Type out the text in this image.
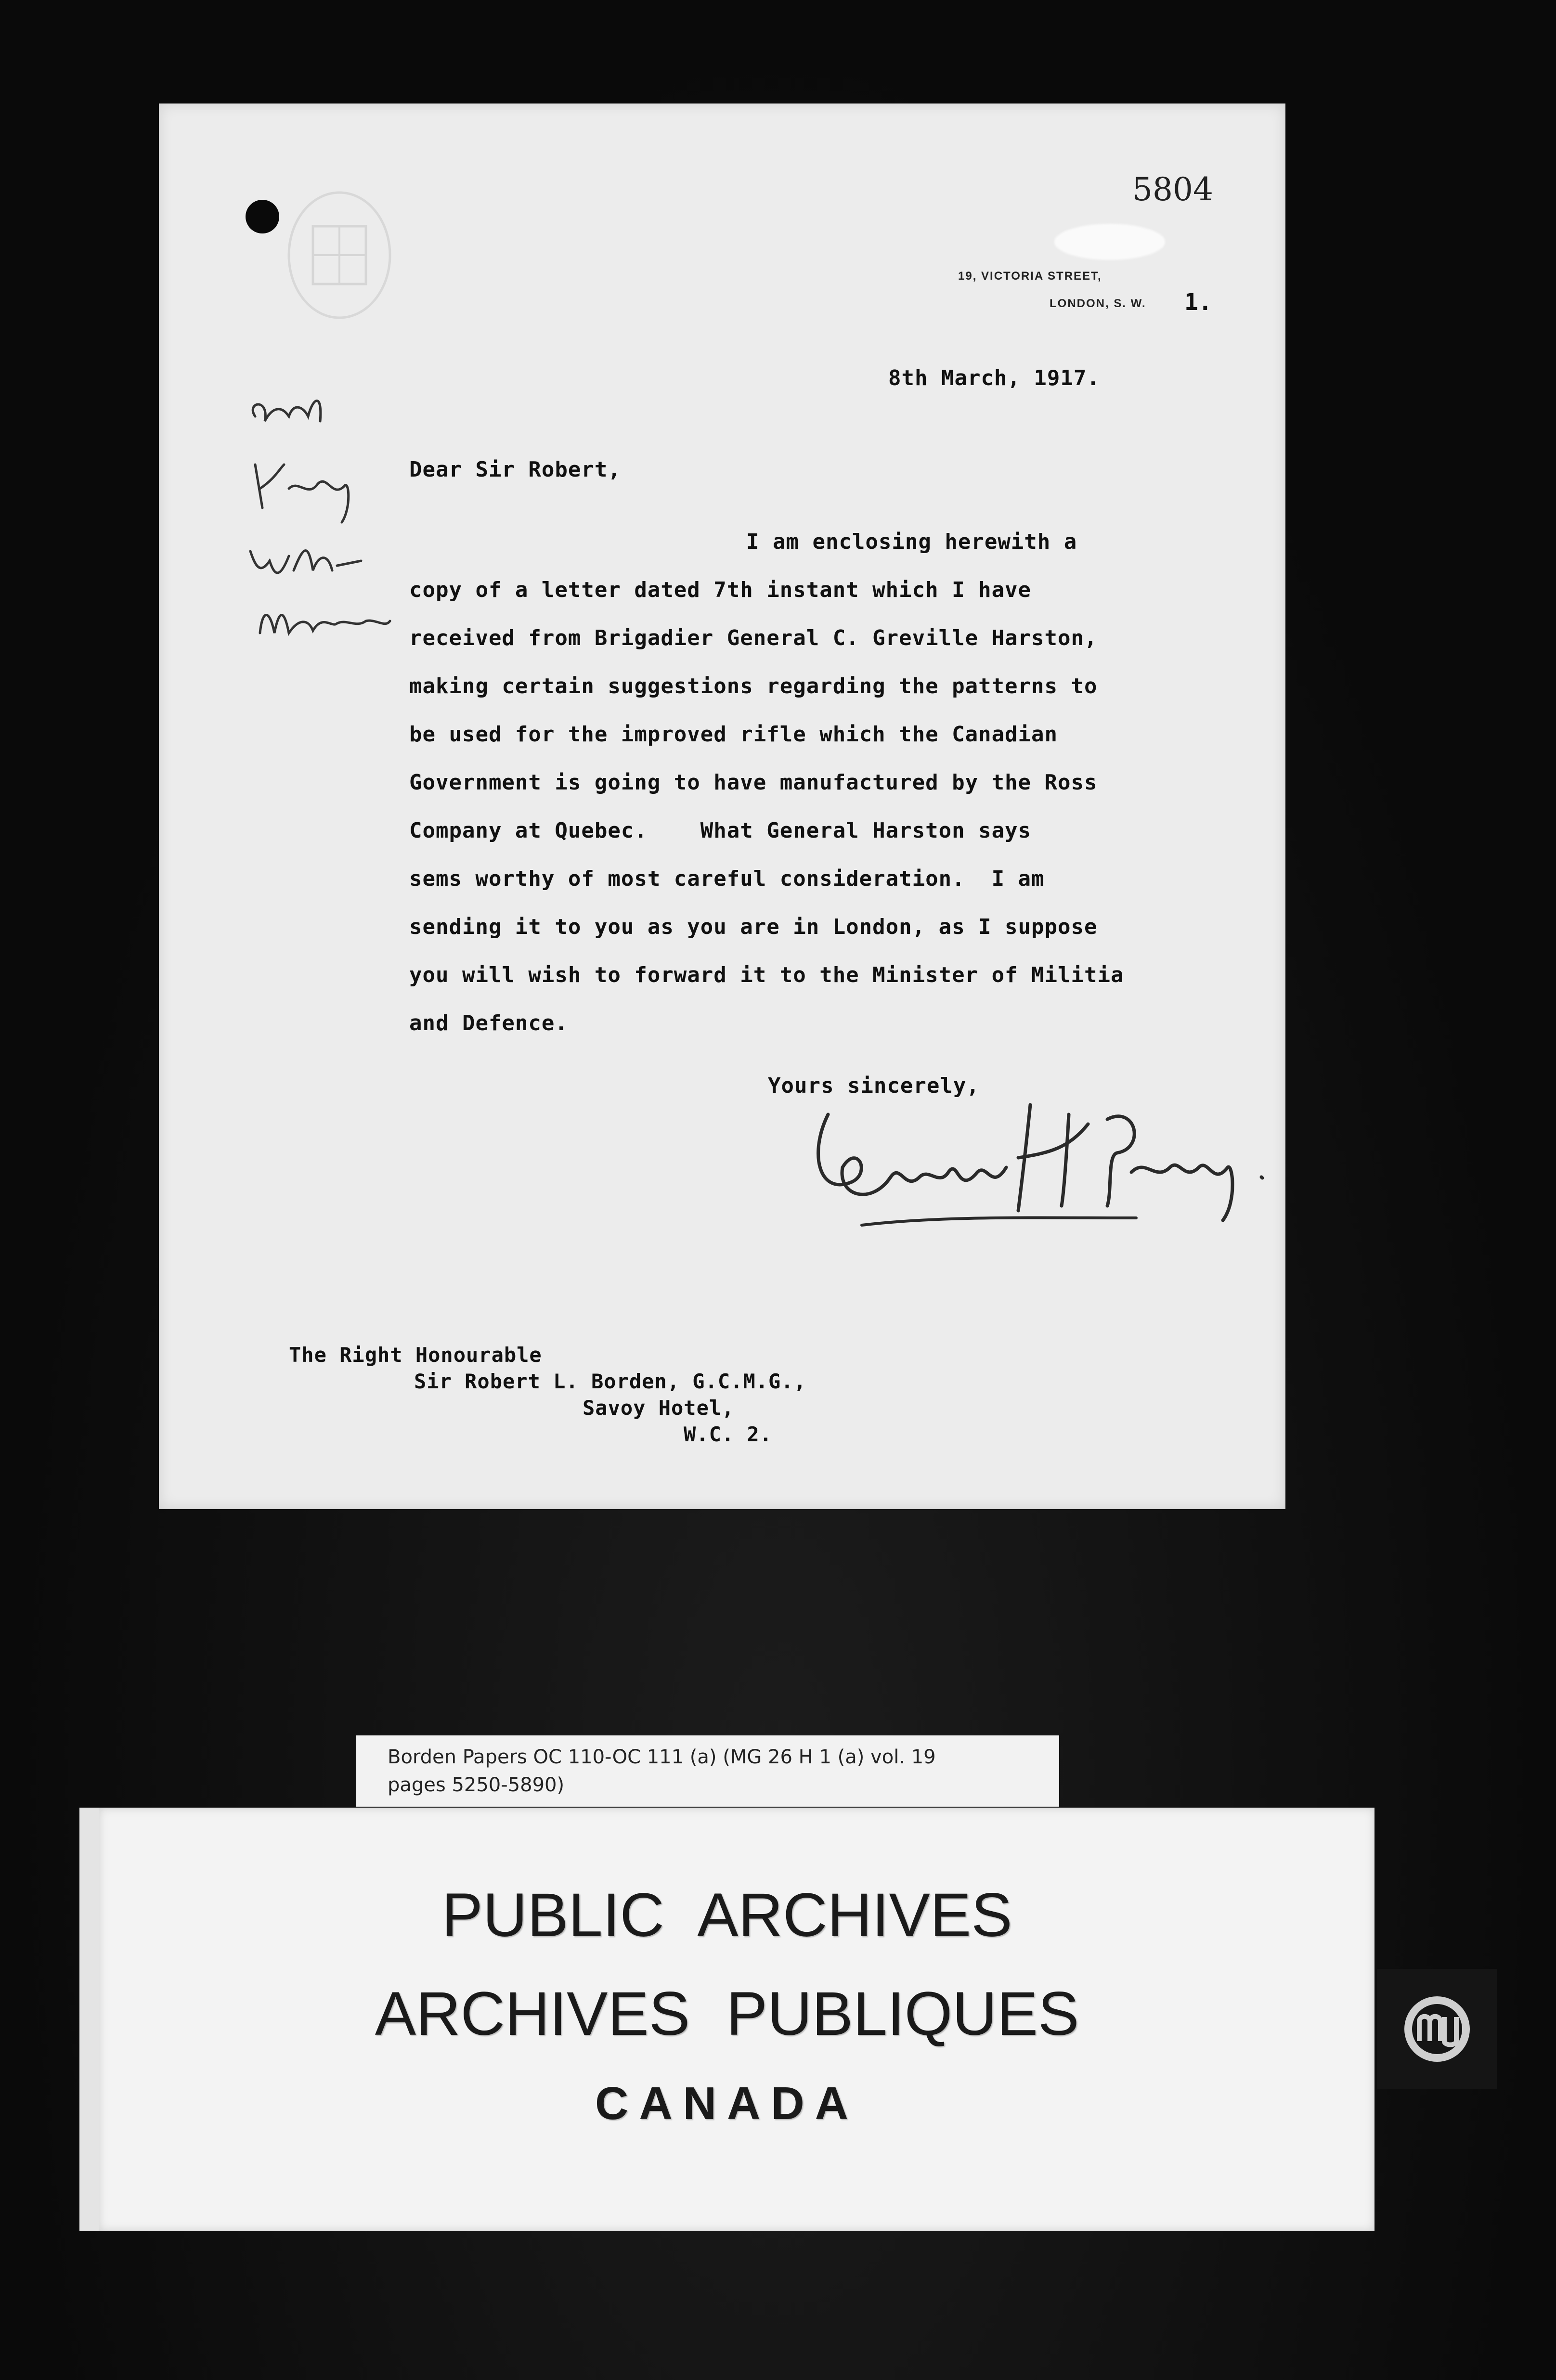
5804
19, VICTORIA STREET,
LONDON, S. W. 1.
8th March, 1917.
Dear Sir Robert,
I am enclosing herewith a
copy of a letter dated 7th instant which I have
received from Brigadier General C. Greville Harston,
making certain suggestions regarding the patterns to
be used for the improved rifle which the Canadian
Government is going to have manufactured by the Ross
Company at Quebec.    What General Harston says
sems worthy of most careful consideration.  I am
sending it to you as you are in London, as I suppose
you will wish to forward it to the Minister of Militia
and Defence.
Yours sincerely,
The Right Honourable
Sir Robert L. Borden, G.C.M.G.,
Savoy Hotel,
W.C. 2.
ack
Borden Papers OC 110-OC 111 (a) (MG 26 H 1 (a) vol. 19
pages 5250-5890)
PUBLIC ARCHIVES
ARCHIVES PUBLIQUES
CANADA
